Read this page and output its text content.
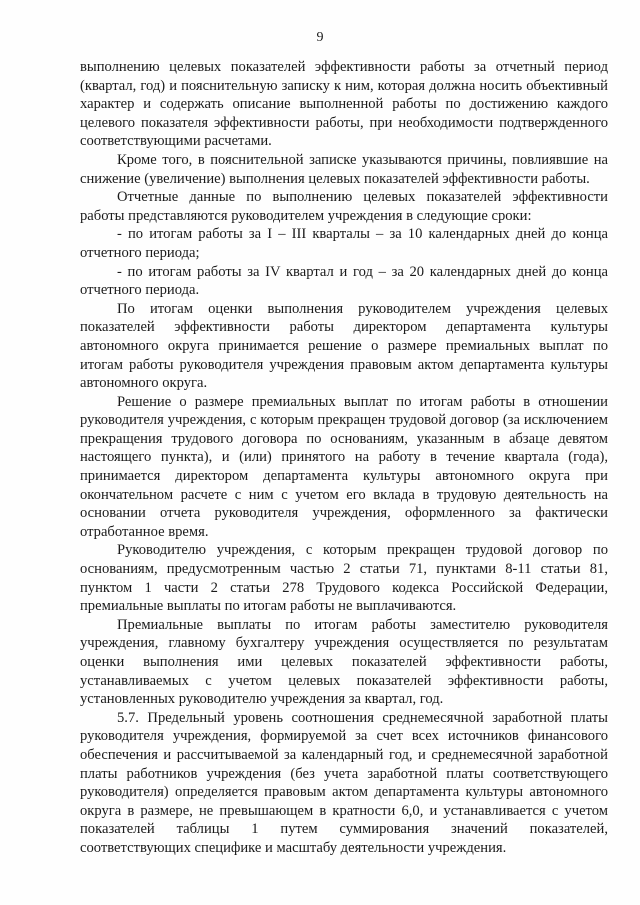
9

выполнению целевых показателей эффективности работы за отчетный период (квартал, год) и пояснительную записку к ним, которая должна носить объективный характер и содержать описание выполненной работы по достижению каждого целевого показателя эффективности работы, при необходимости подтвержденного соответствующими расчетами.

Кроме того, в пояснительной записке указываются причины, повлиявшие на снижение (увеличение) выполнения целевых показателей эффективности работы.

Отчетные данные по выполнению целевых показателей эффективности работы представляются руководителем учреждения в следующие сроки:

- по итогам работы за I – III кварталы – за 10 календарных дней до конца отчетного периода;

- по итогам работы за IV квартал и год – за 20 календарных дней до конца отчетного периода.

По итогам оценки выполнения руководителем учреждения целевых показателей эффективности работы директором департамента культуры автономного округа принимается решение о размере премиальных выплат по итогам работы руководителя учреждения правовым актом департамента культуры автономного округа.

Решение о размере премиальных выплат по итогам работы в отношении руководителя учреждения, с которым прекращен трудовой договор (за исключением прекращения трудового договора по основаниям, указанным в абзаце девятом настоящего пункта), и (или) принятого на работу в течение квартала (года), принимается директором департамента культуры автономного округа при окончательном расчете с ним с учетом его вклада в трудовую деятельность на основании отчета руководителя учреждения, оформленного за фактически отработанное время.

Руководителю учреждения, с которым прекращен трудовой договор по основаниям, предусмотренным частью 2 статьи 71, пунктами 8-11 статьи 81, пунктом 1 части 2 статьи 278 Трудового кодекса Российской Федерации, премиальные выплаты по итогам работы не выплачиваются.

Премиальные выплаты по итогам работы заместителю руководителя учреждения, главному бухгалтеру учреждения осуществляется по результатам оценки выполнения ими целевых показателей эффективности работы, устанавливаемых с учетом целевых показателей эффективности работы, установленных руководителю учреждения за квартал, год.

5.7. Предельный уровень соотношения среднемесячной заработной платы руководителя учреждения, формируемой за счет всех источников финансового обеспечения и рассчитываемой за календарный год, и среднемесячной заработной платы работников учреждения (без учета заработной платы соответствующего руководителя) определяется правовым актом департамента культуры автономного округа в размере, не превышающем в кратности 6,0, и устанавливается с учетом показателей таблицы 1 путем суммирования значений показателей, соответствующих специфике и масштабу деятельности учреждения.
